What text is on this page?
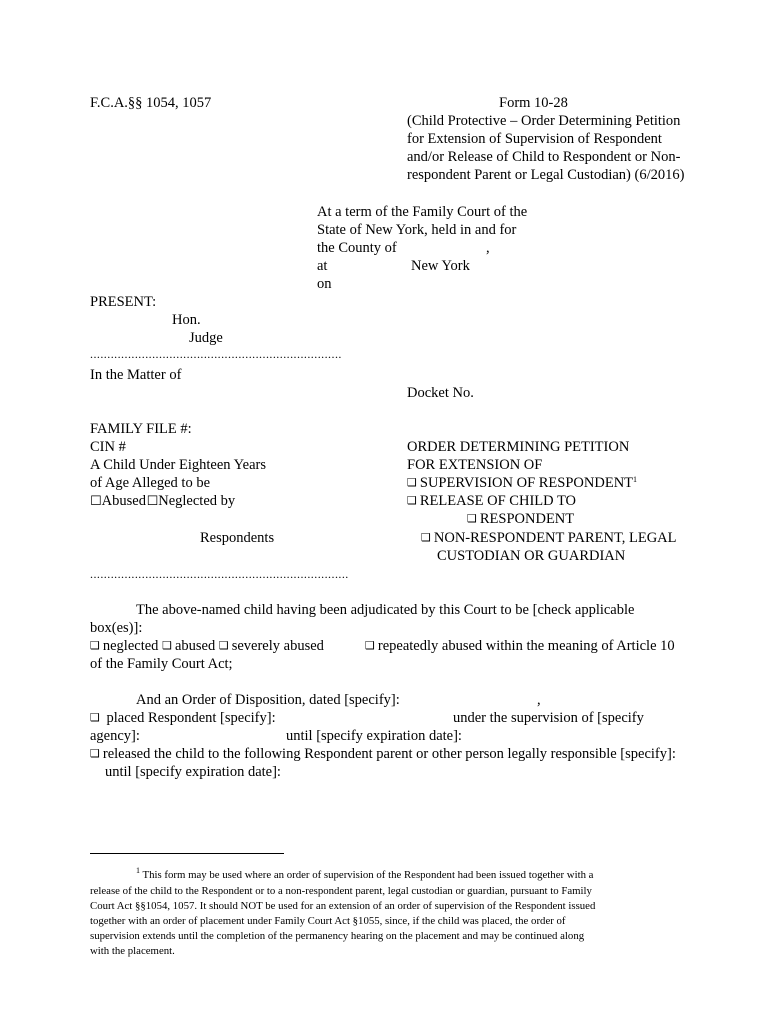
F.C.A.§§ 1054, 1057	Form 10-28
(Child Protective – Order Determining Petition
for Extension of Supervision of Respondent
and/or Release of Child to Respondent or Non-
respondent Parent or Legal Custodian) (6/2016)
At a term of the Family Court of the
State of New York, held in and for
the County of	,
at	New York
on
PRESENT:
Hon.
Judge
.........................................................................
In the Matter of
Docket No.
FAMILY FILE #:
CIN #
A Child Under Eighteen Years
of Age Alleged to be
☐Abused ☐Neglected by
Respondents
...........................................................................
ORDER DETERMINING PETITION
FOR EXTENSION OF
❑ SUPERVISION OF RESPONDENT$^1$
❑ RELEASE OF CHILD TO
❑ RESPONDENT
❑ NON-RESPONDENT PARENT, LEGAL
CUSTODIAN OR GUARDIAN
The above-named child having been adjudicated by this Court to be [check applicable
box(es)]:
❑ neglected ❑ abused ❑ severely abused	❑ repeatedly abused within the meaning of Article 10
of the Family Court Act;
And an Order of Disposition, dated [specify]:	,
❑ placed Respondent [specify]:	under the supervision of [specify
agency]:	until [specify expiration date]:
❑ released the child to the following Respondent parent or other person legally responsible [specify]:
until [specify expiration date]:
$^1$ This form may be used where an order of supervision of the Respondent had been issued together with a
release of the child to the Respondent or to a non-respondent parent, legal custodian or guardian, pursuant to Family
Court Act §§1054, 1057. It should NOT be used for an extension of an order of supervision of the Respondent issued
together with an order of placement under Family Court Act §1055, since, if the child was placed, the order of
supervision extends until the completion of the permanency hearing on the placement and may be continued along
with the placement.
